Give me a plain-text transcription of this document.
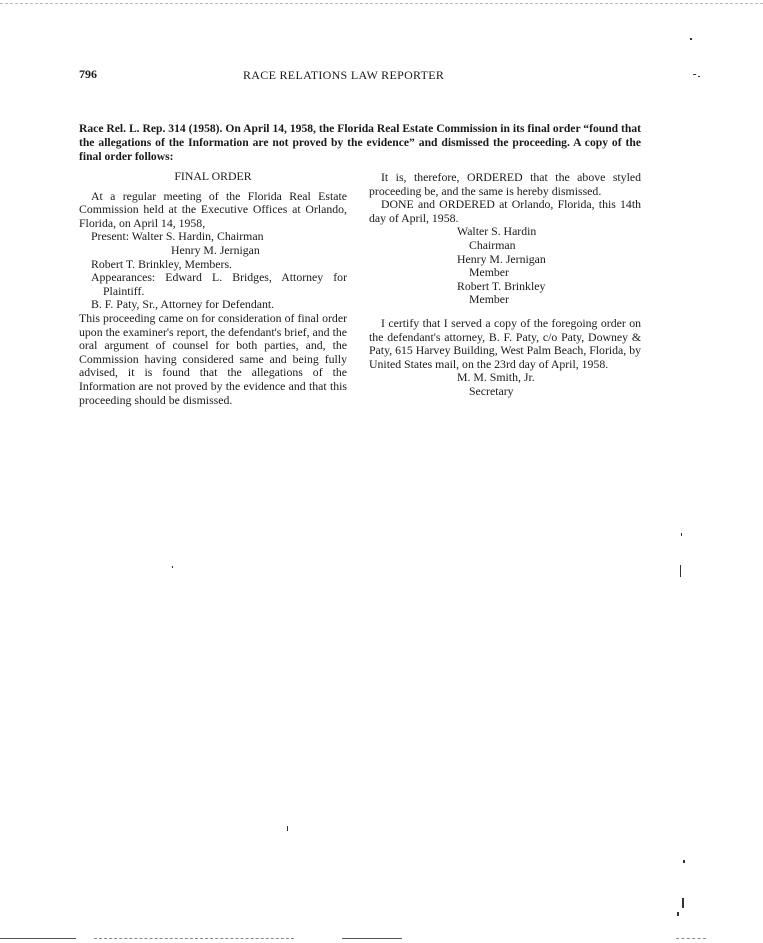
796	RACE RELATIONS LAW REPORTER

Race Rel. L. Rep. 314 (1958). On April 14, 1958, the Florida Real Estate Commission in its final order “found that the allegations of the Information are not proved by the evidence” and dismissed the proceeding. A copy of the final order follows:

FINAL ORDER

At a regular meeting of the Florida Real Estate Commission held at the Executive Offices at Orlando, Florida, on April 14, 1958,

Present: Walter S. Hardin, Chairman

Henry M. Jernigan

Robert T. Brinkley, Members.

Appearances: Edward L. Bridges, Attorney for Plaintiff.

B. F. Paty, Sr., Attorney for Defendant.

This proceeding came on for consideration of final order upon the examiner's report, the defendant's brief, and the oral argument of counsel for both parties, and, the Commission having considered same and being fully advised, it is found that the allegations of the Information are not proved by the evidence and that this proceeding should be dismissed.

It is, therefore, ORDERED that the above styled proceeding be, and the same is hereby dismissed.

DONE and ORDERED at Orlando, Florida, this 14th day of April, 1958.

Walter S. Hardin

Chairman

Henry M. Jernigan

Member

Robert T. Brinkley

Member

I certify that I served a copy of the foregoing order on the defendant's attorney, B. F. Paty, c/o Paty, Downey & Paty, 615 Harvey Building, West Palm Beach, Florida, by United States mail, on the 23rd day of April, 1958.

M. M. Smith, Jr.

Secretary
